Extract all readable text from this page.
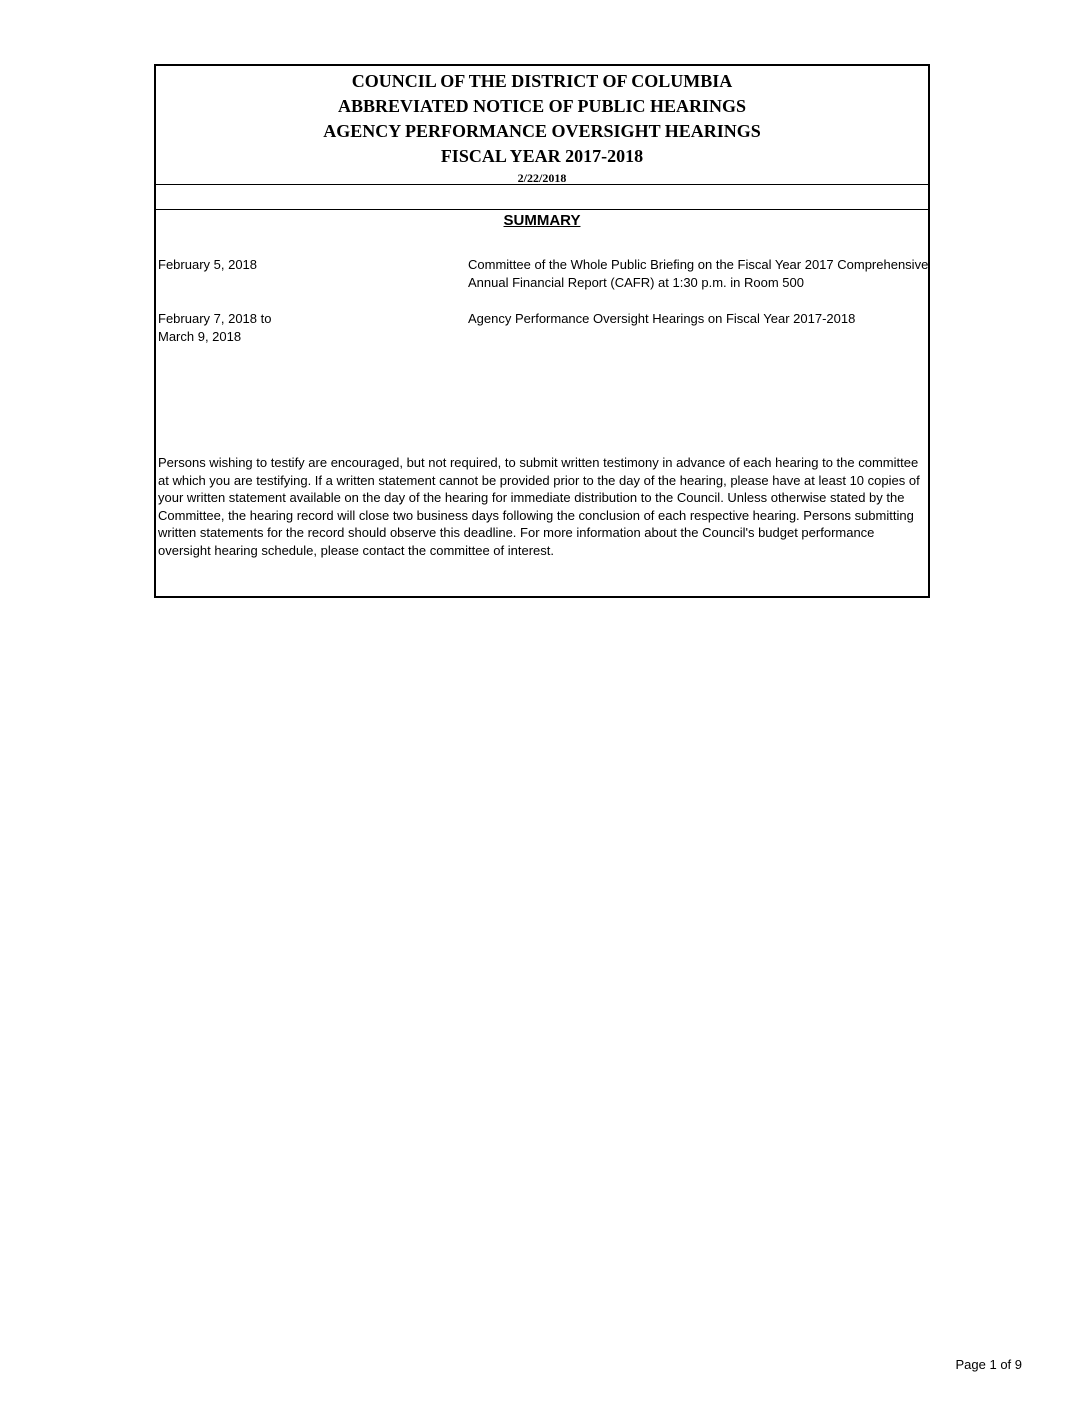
COUNCIL OF THE DISTRICT OF COLUMBIA
ABBREVIATED NOTICE OF PUBLIC HEARINGS
AGENCY PERFORMANCE OVERSIGHT HEARINGS
FISCAL YEAR 2017-2018
2/22/2018
SUMMARY
February 5, 2018	Committee of the Whole Public Briefing on the Fiscal Year 2017 Comprehensive Annual Financial Report (CAFR) at 1:30 p.m. in Room 500
February 7, 2018 to March 9, 2018
Agency Performance Oversight Hearings on Fiscal Year 2017-2018
Persons wishing to testify are encouraged, but not required, to submit written testimony in advance of each hearing to the committee at which you are testifying. If a written statement cannot be provided prior to the day of the hearing, please have at least 10 copies of your written statement available on the day of the hearing for immediate distribution to the Council. Unless otherwise stated by the Committee, the hearing record will close two business days following the conclusion of each respective hearing. Persons submitting written statements for the record should observe this deadline. For more information about the Council's budget performance oversight hearing schedule, please contact the committee of interest.
Page 1 of 9
